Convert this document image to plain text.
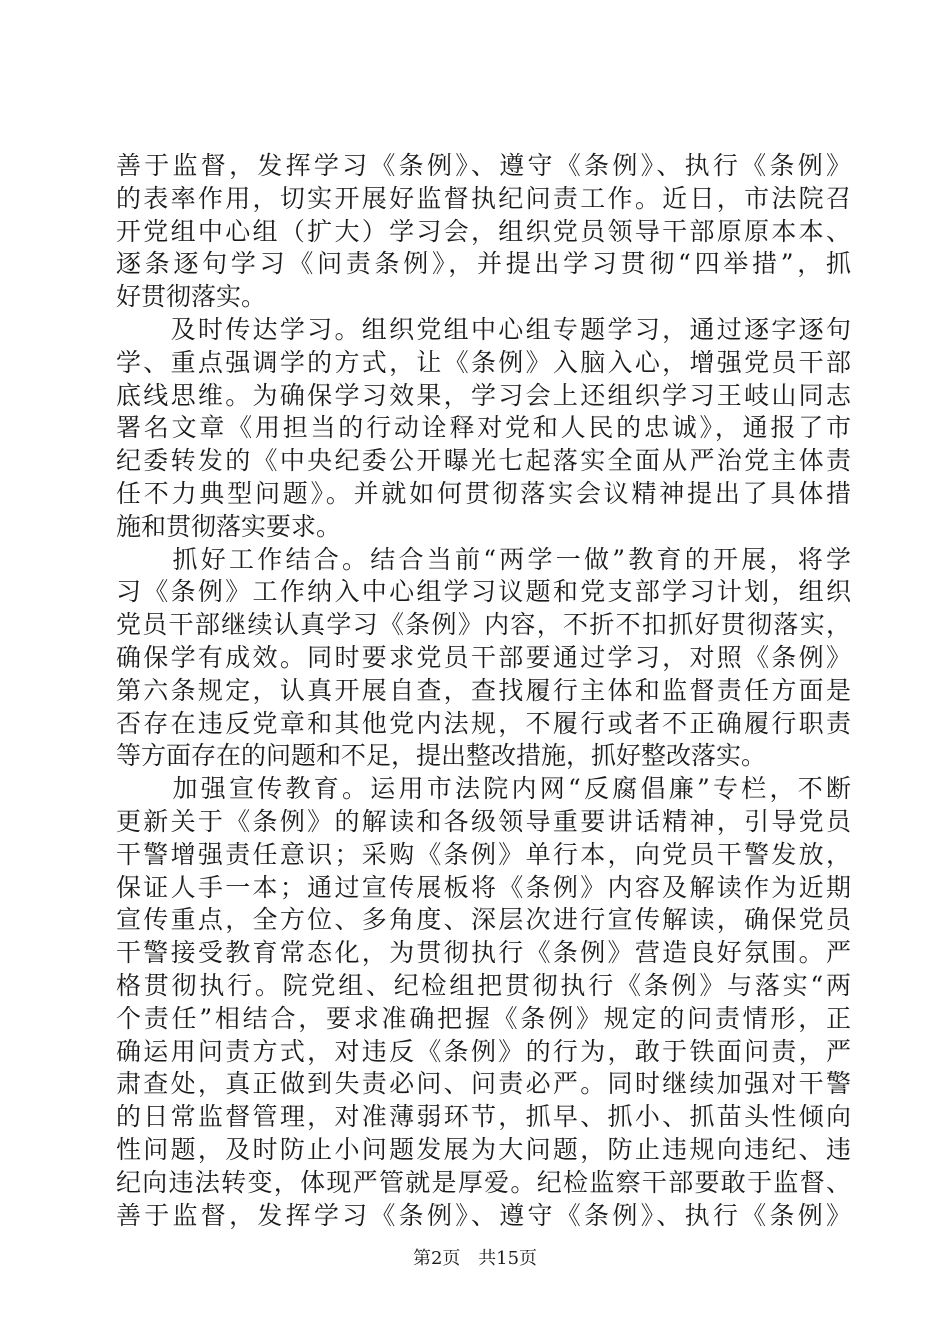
善于监督，发挥学习《条例》、遵守《条例》、执行《条例》
的表率作用，切实开展好监督执纪问责工作。近日，市法院召
开党组中心组（扩大）学习会，组织党员领导干部原原本本、
逐条逐句学习《问责条例》，并提出学习贯彻“四举措”，抓
好贯彻落实。
　　及时传达学习。组织党组中心组专题学习，通过逐字逐句
学、重点强调学的方式，让《条例》入脑入心，增强党员干部
底线思维。为确保学习效果，学习会上还组织学习王岐山同志
署名文章《用担当的行动诠释对党和人民的忠诚》，通报了市
纪委转发的《中央纪委公开曝光七起落实全面从严治党主体责
任不力典型问题》。并就如何贯彻落实会议精神提出了具体措
施和贯彻落实要求。
　　抓好工作结合。结合当前“两学一做”教育的开展，将学
习《条例》工作纳入中心组学习议题和党支部学习计划，组织
党员干部继续认真学习《条例》内容，不折不扣抓好贯彻落实，
确保学有成效。同时要求党员干部要通过学习，对照《条例》
第六条规定，认真开展自查，查找履行主体和监督责任方面是
否存在违反党章和其他党内法规，不履行或者不正确履行职责
等方面存在的问题和不足，提出整改措施，抓好整改落实。
　　加强宣传教育。运用市法院内网“反腐倡廉”专栏，不断
更新关于《条例》的解读和各级领导重要讲话精神，引导党员
干警增强责任意识；采购《条例》单行本，向党员干警发放，
保证人手一本；通过宣传展板将《条例》内容及解读作为近期
宣传重点，全方位、多角度、深层次进行宣传解读，确保党员
干警接受教育常态化，为贯彻执行《条例》营造良好氛围。严
格贯彻执行。院党组、纪检组把贯彻执行《条例》与落实“两
个责任”相结合，要求准确把握《条例》规定的问责情形，正
确运用问责方式，对违反《条例》的行为，敢于铁面问责，严
肃查处，真正做到失责必问、问责必严。同时继续加强对干警
的日常监督管理，对准薄弱环节，抓早、抓小、抓苗头性倾向
性问题，及时防止小问题发展为大问题，防止违规向违纪、违
纪向违法转变，体现严管就是厚爱。纪检监察干部要敢于监督、
善于监督，发挥学习《条例》、遵守《条例》、执行《条例》
第2页 共15页
